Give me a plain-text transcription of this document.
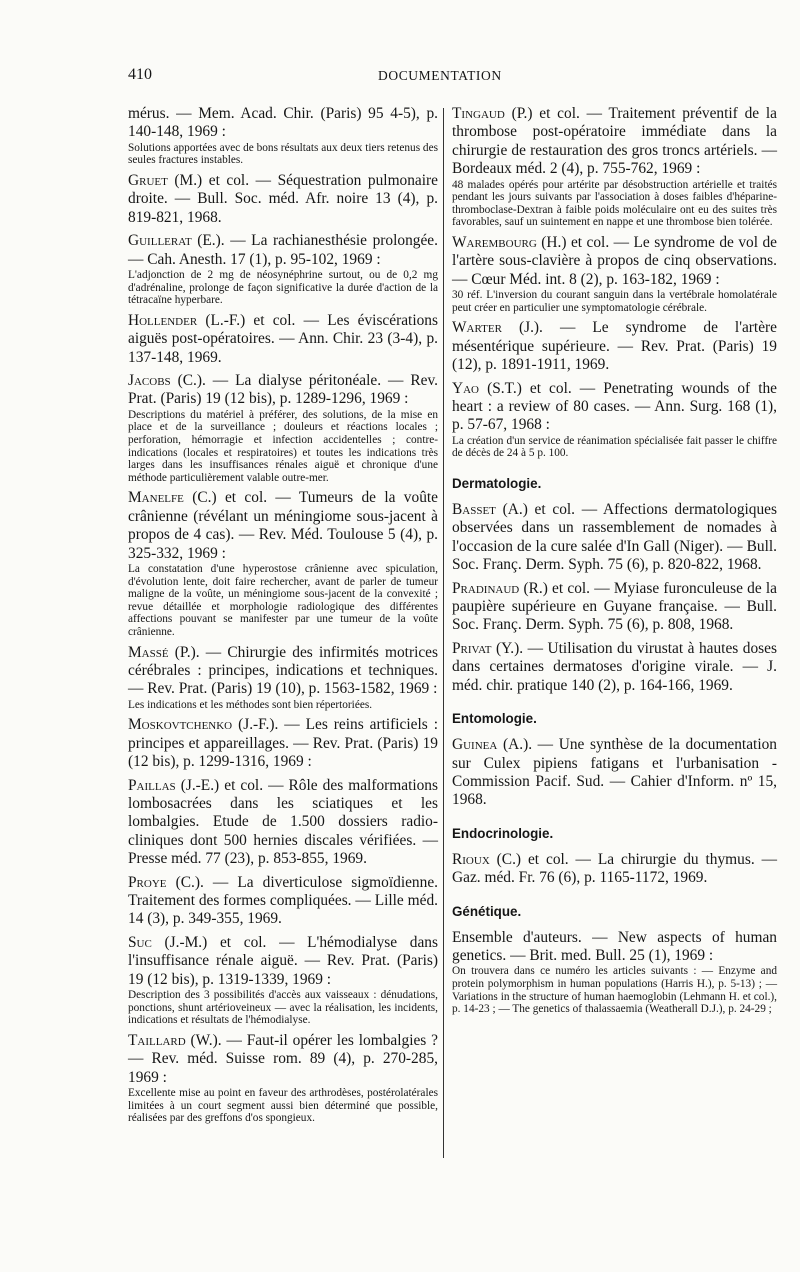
410	DOCUMENTATION

mérus. — Mem. Acad. Chir. (Paris) 95 4-5), p. 140-148, 1969 :

Solutions apportées avec de bons résultats aux deux tiers retenus des seules fractures instables.

Gruet (M.) et col. — Séquestration pulmonaire droite. — Bull. Soc. méd. Afr. noire 13 (4), p. 819-821, 1968.

Guillerat (E.). — La rachianesthésie prolongée. — Cah. Anesth. 17 (1), p. 95-102, 1969 :

L'adjonction de 2 mg de néosynéphrine surtout, ou de 0,2 mg d'adrénaline, prolonge de façon significative la durée d'action de la tétracaïne hyperbare.

Hollender (L.-F.) et col. — Les éviscérations aiguës post-opératoires. — Ann. Chir. 23 (3-4), p. 137-148, 1969.

Jacobs (C.). — La dialyse péritonéale. — Rev. Prat. (Paris) 19 (12 bis), p. 1289-1296, 1969 :

Descriptions du matériel à préférer, des solutions, de la mise en place et de la surveillance ; douleurs et réactions locales ; perforation, hémorragie et infection accidentelles ; contre-indications (locales et respiratoires) et toutes les indications très larges dans les insuffisances rénales aiguë et chronique d'une méthode particulièrement valable outre-mer.

Manelfe (C.) et col. — Tumeurs de la voûte crânienne (révélant un méningiome sous-jacent à propos de 4 cas). — Rev. Méd. Toulouse 5 (4), p. 325-332, 1969 :

La constatation d'une hyperostose crânienne avec spiculation, d'évolution lente, doit faire rechercher, avant de parler de tumeur maligne de la voûte, un méningiome sous-jacent de la convexité ; revue détaillée et morphologie radiologique des différentes affections pouvant se manifester par une tumeur de la voûte crânienne.

Massé (P.). — Chirurgie des infirmités motrices cérébrales : principes, indications et techniques. — Rev. Prat. (Paris) 19 (10), p. 1563-1582, 1969 :

Les indications et les méthodes sont bien répertoriées.

Moskovtchenko (J.-F.). — Les reins artificiels : principes et appareillages. — Rev. Prat. (Paris) 19 (12 bis), p. 1299-1316, 1969 :

Paillas (J.-E.) et col. — Rôle des malformations lombosacrées dans les sciatiques et les lombalgies. Etude de 1.500 dossiers radio-cliniques dont 500 hernies discales vérifiées. — Presse méd. 77 (23), p. 853-855, 1969.

Proye (C.). — La diverticulose sigmoïdienne. Traitement des formes compliquées. — Lille méd. 14 (3), p. 349-355, 1969.

Suc (J.-M.) et col. — L'hémodialyse dans l'insuffisance rénale aiguë. — Rev. Prat. (Paris) 19 (12 bis), p. 1319-1339, 1969 :

Description des 3 possibilités d'accès aux vaisseaux : dénudations, ponctions, shunt artérioveineux — avec la réalisation, les incidents, indications et résultats de l'hémodialyse.

Taillard (W.). — Faut-il opérer les lombalgies ? — Rev. méd. Suisse rom. 89 (4), p. 270-285, 1969 :

Excellente mise au point en faveur des arthrodèses, postérolatérales limitées à un court segment aussi bien déterminé que possible, réalisées par des greffons d'os spongieux.

Tingaud (P.) et col. — Traitement préventif de la thrombose post-opératoire immédiate dans la chirurgie de restauration des gros troncs artériels. — Bordeaux méd. 2 (4), p. 755-762, 1969 :

48 malades opérés pour artérite par désobstruction artérielle et traités pendant les jours suivants par l'association à doses faibles d'héparine-thromboclase-Dextran à faible poids moléculaire ont eu des suites très favorables, sauf un suintement en nappe et une thrombose bien tolérée.

Warembourg (H.) et col. — Le syndrome de vol de l'artère sous-clavière à propos de cinq observations. — Cœur Méd. int. 8 (2), p. 163-182, 1969 :

30 réf. L'inversion du courant sanguin dans la vertébrale homolatérale peut créer en particulier une symptomatologie cérébrale.

Warter (J.). — Le syndrome de l'artère mésentérique supérieure. — Rev. Prat. (Paris) 19 (12), p. 1891-1911, 1969.

Yao (S.T.) et col. — Penetrating wounds of the heart : a review of 80 cases. — Ann. Surg. 168 (1), p. 57-67, 1968 :

La création d'un service de réanimation spécialisée fait passer le chiffre de décès de 24 à 5 p. 100.

Dermatologie.

Basset (A.) et col. — Affections dermatologiques observées dans un rassemblement de nomades à l'occasion de la cure salée d'In Gall (Niger). — Bull. Soc. Franç. Derm. Syph. 75 (6), p. 820-822, 1968.

Pradinaud (R.) et col. — Myiase furonculeuse de la paupière supérieure en Guyane française. — Bull. Soc. Franç. Derm. Syph. 75 (6), p. 808, 1968.

Privat (Y.). — Utilisation du virustat à hautes doses dans certaines dermatoses d'origine virale. — J. méd. chir. pratique 140 (2), p. 164-166, 1969.

Entomologie.

Guinea (A.). — Une synthèse de la documentation sur Culex pipiens fatigans et l'urbanisation - Commission Pacif. Sud. — Cahier d'Inform. nº 15, 1968.

Endocrinologie.

Rioux (C.) et col. — La chirurgie du thymus. — Gaz. méd. Fr. 76 (6), p. 1165-1172, 1969.

Génétique.

Ensemble d'auteurs. — New aspects of human genetics. — Brit. med. Bull. 25 (1), 1969 :

On trouvera dans ce numéro les articles suivants : — Enzyme and protein polymorphism in human populations (Harris H.), p. 5-13) ; — Variations in the structure of human haemoglobin (Lehmann H. et col.), p. 14-23 ; — The genetics of thalassaemia (Weatherall D.J.), p. 24-29 ;
